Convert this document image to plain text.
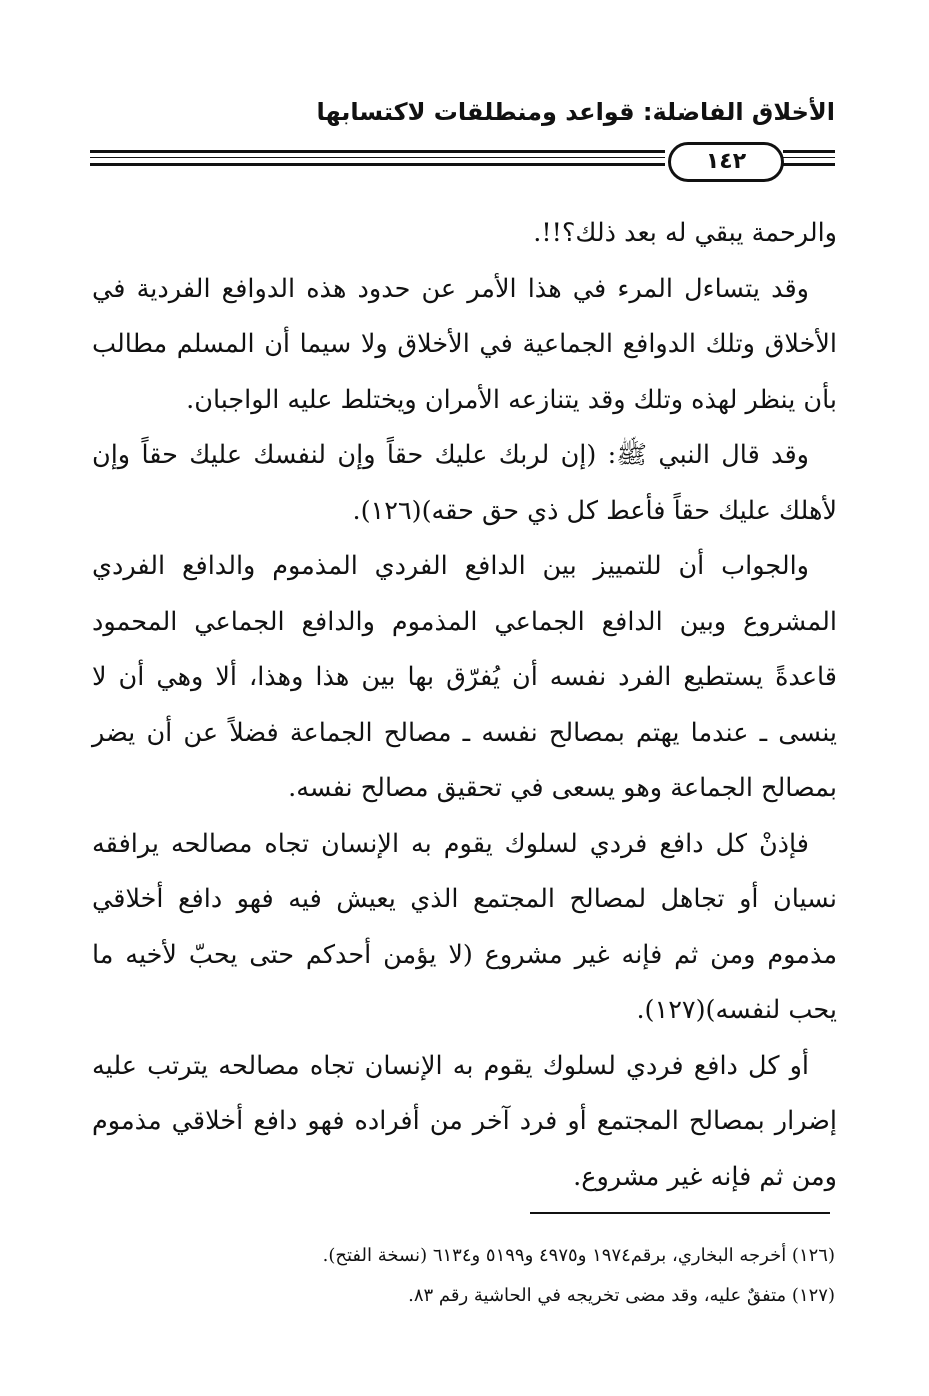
الأخلاق الفاضلة: قواعد ومنطلقات لاكتسابها
١٤٢

والرحمة يبقي له بعد ذلك؟!!.

وقد يتساءل المرء في هذا الأمر عن حدود هذه الدوافع الفردية في الأخلاق وتلك الدوافع الجماعية في الأخلاق ولا سيما أن المسلم مطالب بأن ينظر لهذه وتلك وقد يتنازعه الأمران ويختلط عليه الواجبان.

وقد قال النبي ﷺ: (إن لربك عليك حقاً وإن لنفسك عليك حقاً وإن لأهلك عليك حقاً فأعط كل ذي حق حقه)(١٢٦).

والجواب أن للتمييز بين الدافع الفردي المذموم والدافع الفردي المشروع وبين الدافع الجماعي المذموم والدافع الجماعي المحمود قاعدةً يستطيع الفرد نفسه أن يُفرّق بها بين هذا وهذا، ألا وهي أن لا ينسى ـ عندما يهتم بمصالح نفسه ـ مصالح الجماعة فضلاً عن أن يضر بمصالح الجماعة وهو يسعى في تحقيق مصالح نفسه.

فإذنْ كل دافع فردي لسلوك يقوم به الإنسان تجاه مصالحه يرافقه نسيان أو تجاهل لمصالح المجتمع الذي يعيش فيه فهو دافع أخلاقي مذموم ومن ثم فإنه غير مشروع (لا يؤمن أحدكم حتى يحبّ لأخيه ما يحب لنفسه)(١٢٧).

أو كل دافع فردي لسلوك يقوم به الإنسان تجاه مصالحه يترتب عليه إضرار بمصالح المجتمع أو فرد آخر من أفراده فهو دافع أخلاقي مذموم ومن ثم فإنه غير مشروع.

(١٢٦) أخرجه البخاري، برقم١٩٧٤ و٤٩٧٥ و٥١٩٩ و٦١٣٤ (نسخة الفتح).

(١٢٧) متفقٌ عليه، وقد مضى تخريجه في الحاشية رقم ٨٣.
